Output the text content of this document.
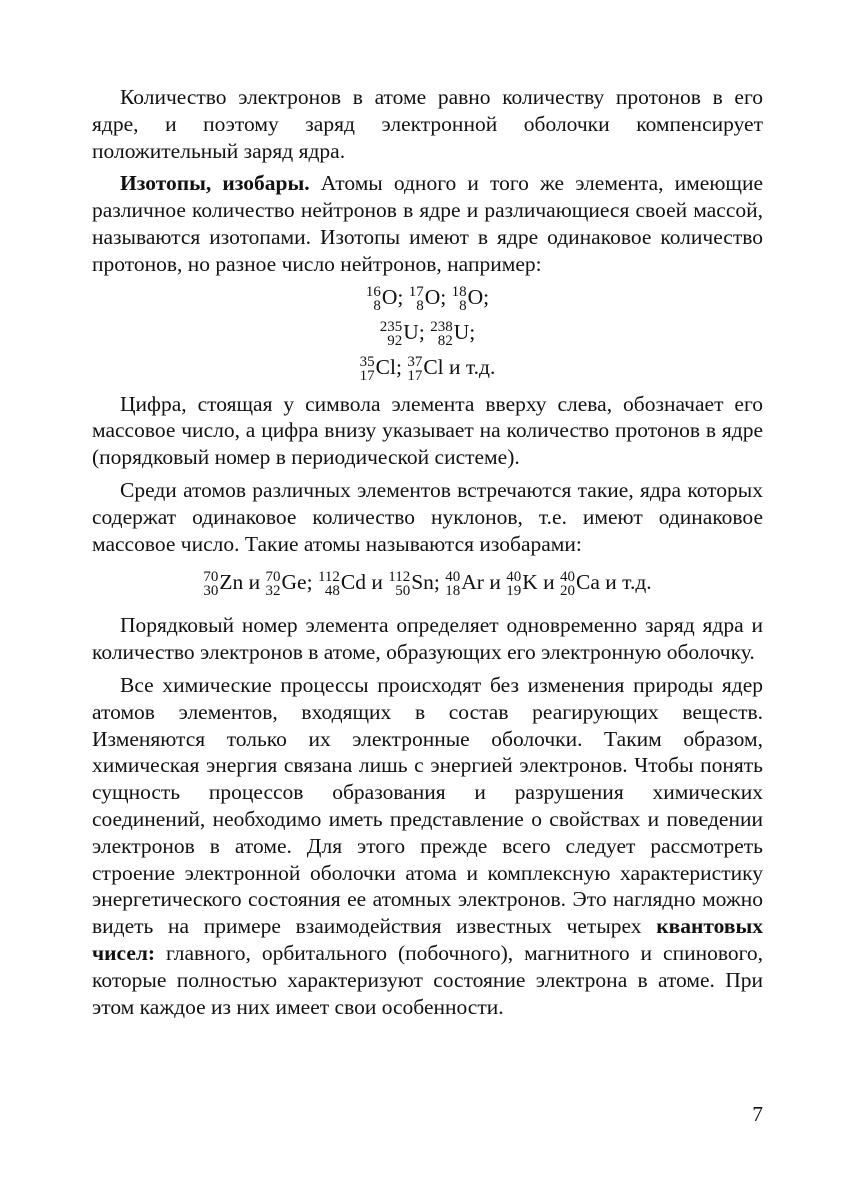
Количество электронов в атоме равно количеству протонов в его ядре, и поэтому заряд электронной оболочки компенсирует положительный заряд ядра.

Изотопы, изобары. Атомы одного и того же элемента, имеющие различное количество нейтронов в ядре и различающиеся своей массой, называются изотопами. Изотопы имеют в ядре одинаковое количество протонов, но разное число нейтронов, например:

16
8 O; 17
8 O; 18
8 O;

235
92 U; 238
82 U;

35
17 Cl; 37
17 Cl и т.д.

Цифра, стоящая у символа элемента вверху слева, обозначает его массовое число, а цифра внизу указывает на количество протонов в ядре (порядковый номер в периодической системе).

Среди атомов различных элементов встречаются такие, ядра которых содержат одинаковое количество нуклонов, т.е. имеют одинаковое массовое число. Такие атомы называются изобарами:

70
30 Zn и 70
32 Ge; 112
48 Cd и 112
50 Sn; 40
18 Ar и 40
19 K и 40
20 Ca и т.д.

Порядковый номер элемента определяет одновременно заряд ядра и количество электронов в атоме, образующих его электронную оболочку.

Все химические процессы происходят без изменения природы ядер атомов элементов, входящих в состав реагирующих веществ. Изменяются только их электронные оболочки. Таким образом, химическая энергия связана лишь с энергией электронов. Чтобы понять сущность процессов образования и разрушения химических соединений, необходимо иметь представление о свойствах и поведении электронов в атоме. Для этого прежде всего следует рассмотреть строение электронной оболочки атома и комплексную характеристику энергетического состояния ее атомных электронов. Это наглядно можно видеть на примере взаимодействия известных четырех квантовых чисел: главного, орбитального (побочного), магнитного и спинового, которые полностью характеризуют состояние электрона в атоме. При этом каждое из них имеет свои особенности.

7
